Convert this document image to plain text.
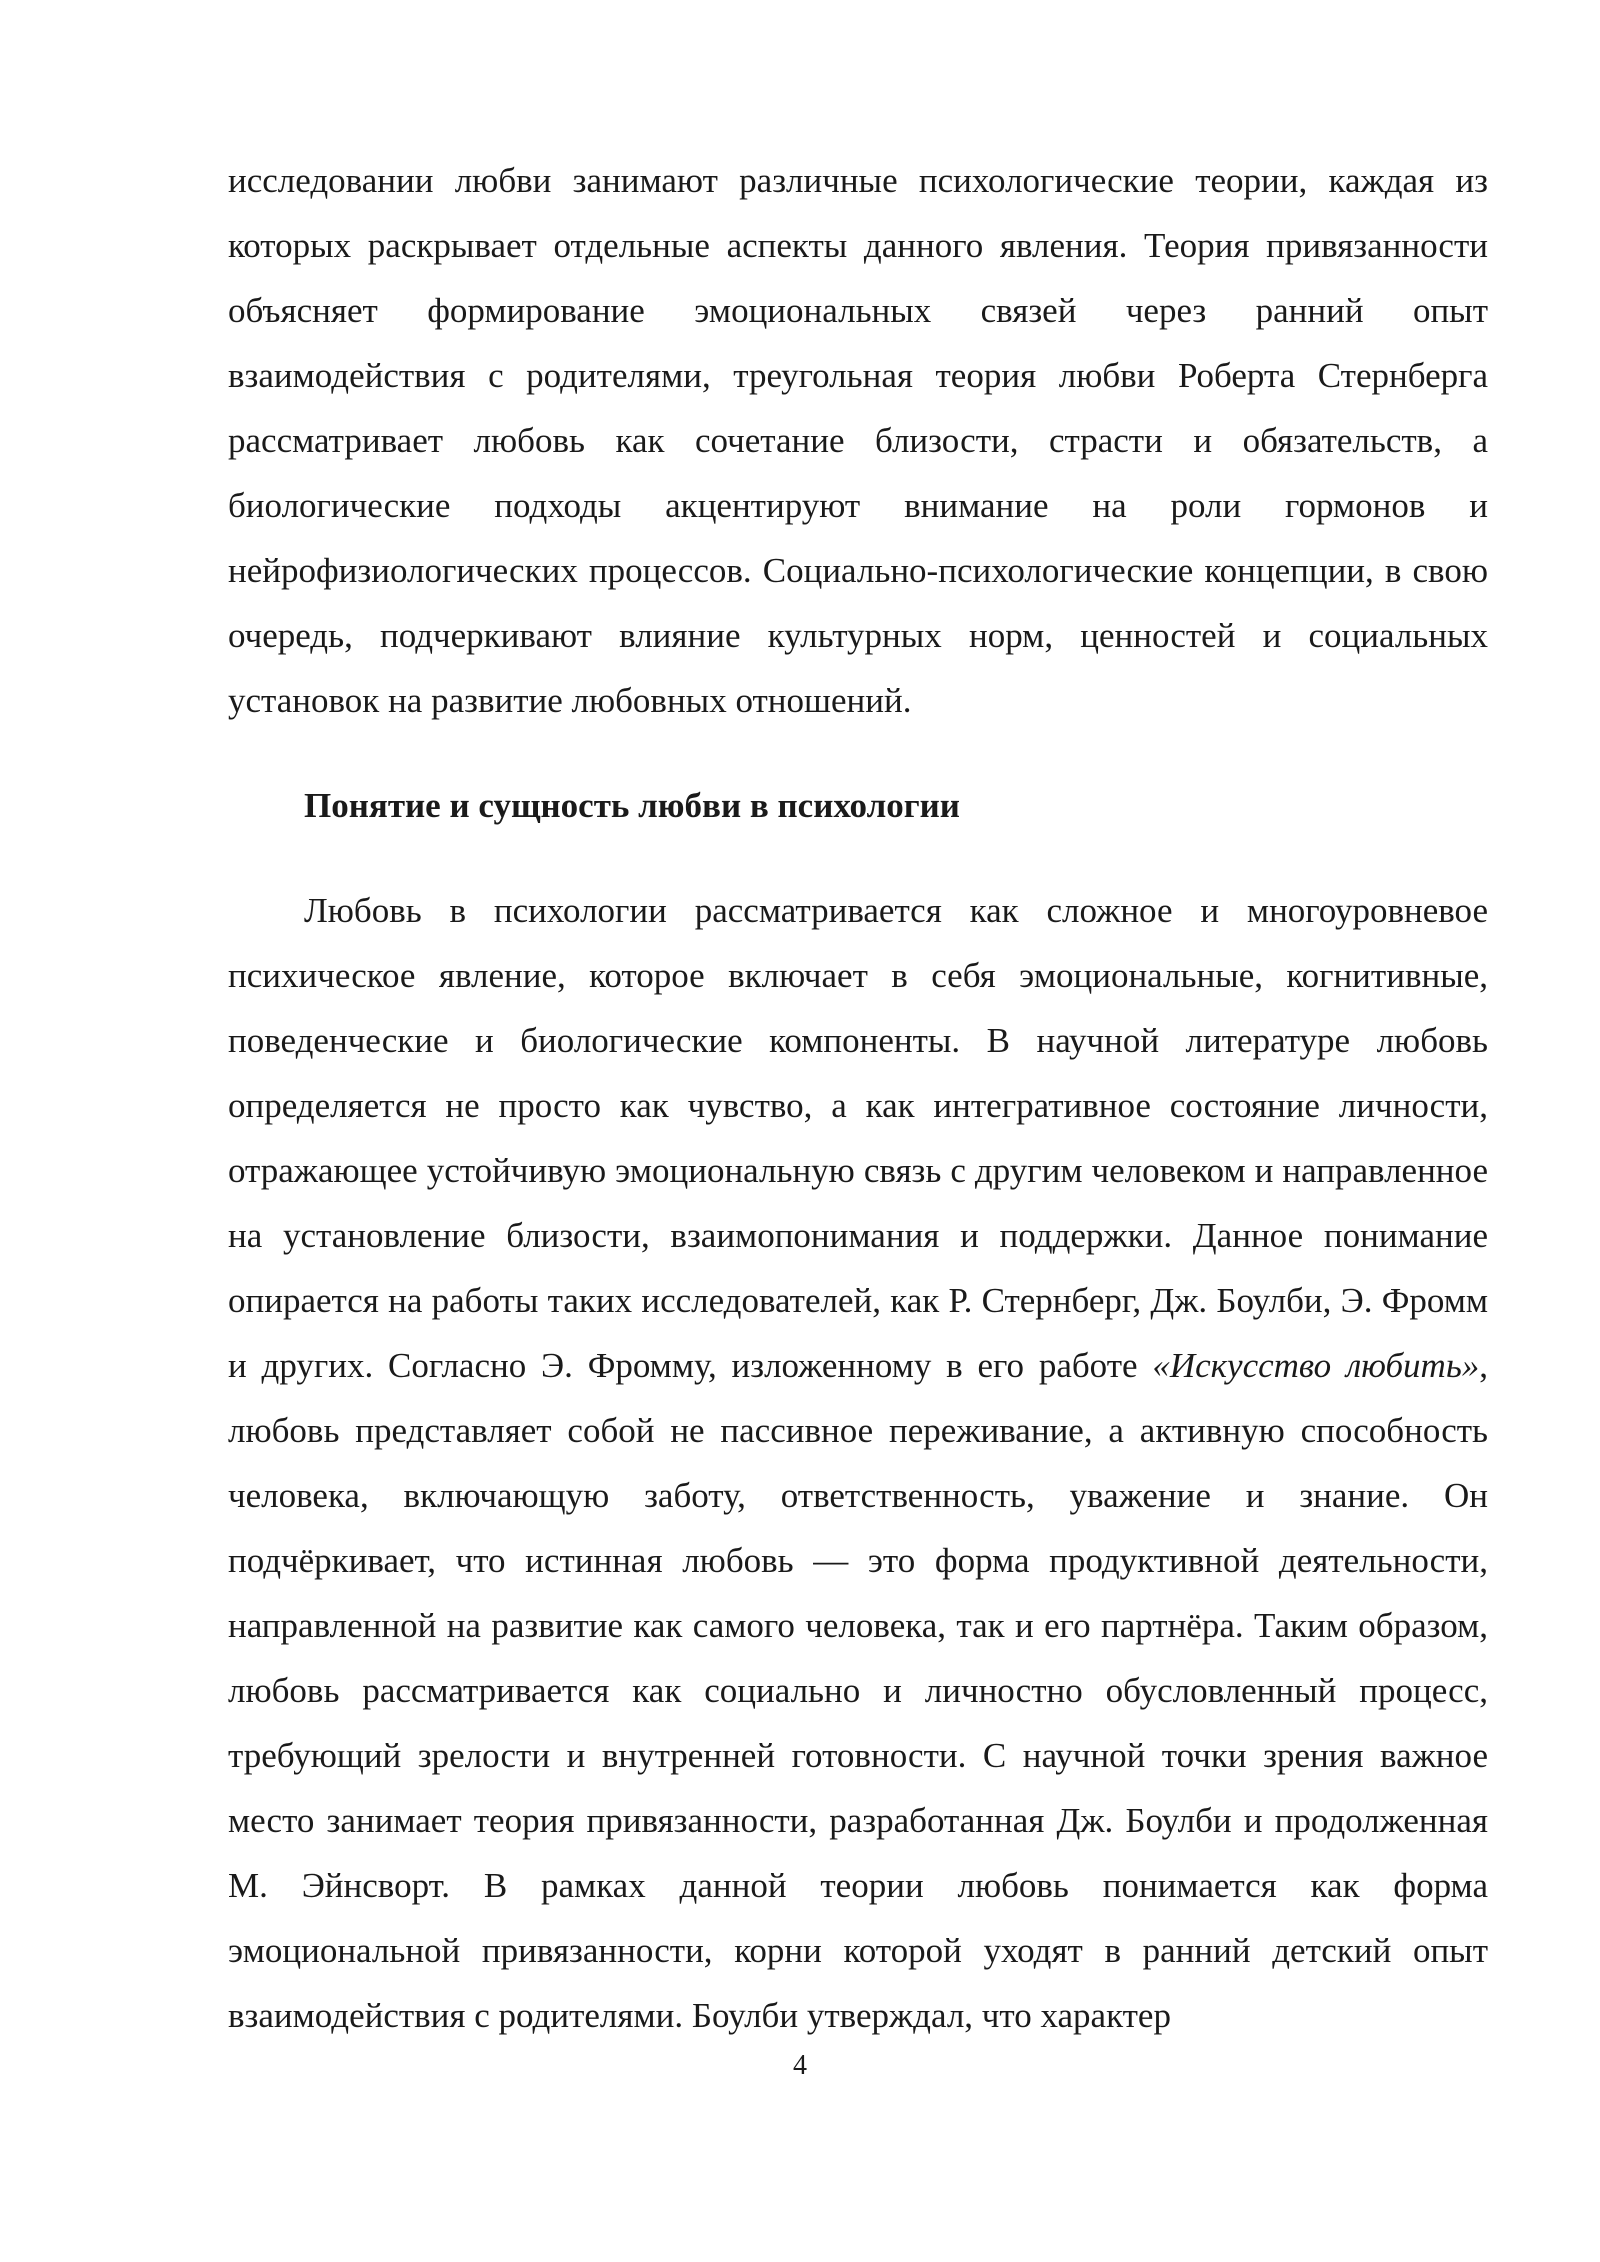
исследовании любви занимают различные психологические теории, каждая из которых раскрывает отдельные аспекты данного явления. Теория привязанности объясняет формирование эмоциональных связей через ранний опыт взаимодействия с родителями, треугольная теория любви Роберта Стернберга рассматривает любовь как сочетание близости, страсти и обязательств, а биологические подходы акцентируют внимание на роли гормонов и нейрофизиологических процессов. Социально-психологические концепции, в свою очередь, подчеркивают влияние культурных норм, ценностей и социальных установок на развитие любовных отношений.

Понятие и сущность любви в психологии

Любовь в психологии рассматривается как сложное и многоуровневое психическое явление, которое включает в себя эмоциональные, когнитивные, поведенческие и биологические компоненты. В научной литературе любовь определяется не просто как чувство, а как интегративное состояние личности, отражающее устойчивую эмоциональную связь с другим человеком и направленное на установление близости, взаимопонимания и поддержки. Данное понимание опирается на работы таких исследователей, как Р. Стернберг, Дж. Боулби, Э. Фромм и других. Согласно Э. Фромму, изложенному в его работе «Искусство любить», любовь представляет собой не пассивное переживание, а активную способность человека, включающую заботу, ответственность, уважение и знание. Он подчёркивает, что истинная любовь — это форма продуктивной деятельности, направленной на развитие как самого человека, так и его партнёра. Таким образом, любовь рассматривается как социально и личностно обусловленный процесс, требующий зрелости и внутренней готовности. С научной точки зрения важное место занимает теория привязанности, разработанная Дж. Боулби и продолженная М. Эйнсворт. В рамках данной теории любовь понимается как форма эмоциональной привязанности, корни которой уходят в ранний детский опыт взаимодействия с родителями. Боулби утверждал, что характер

4
